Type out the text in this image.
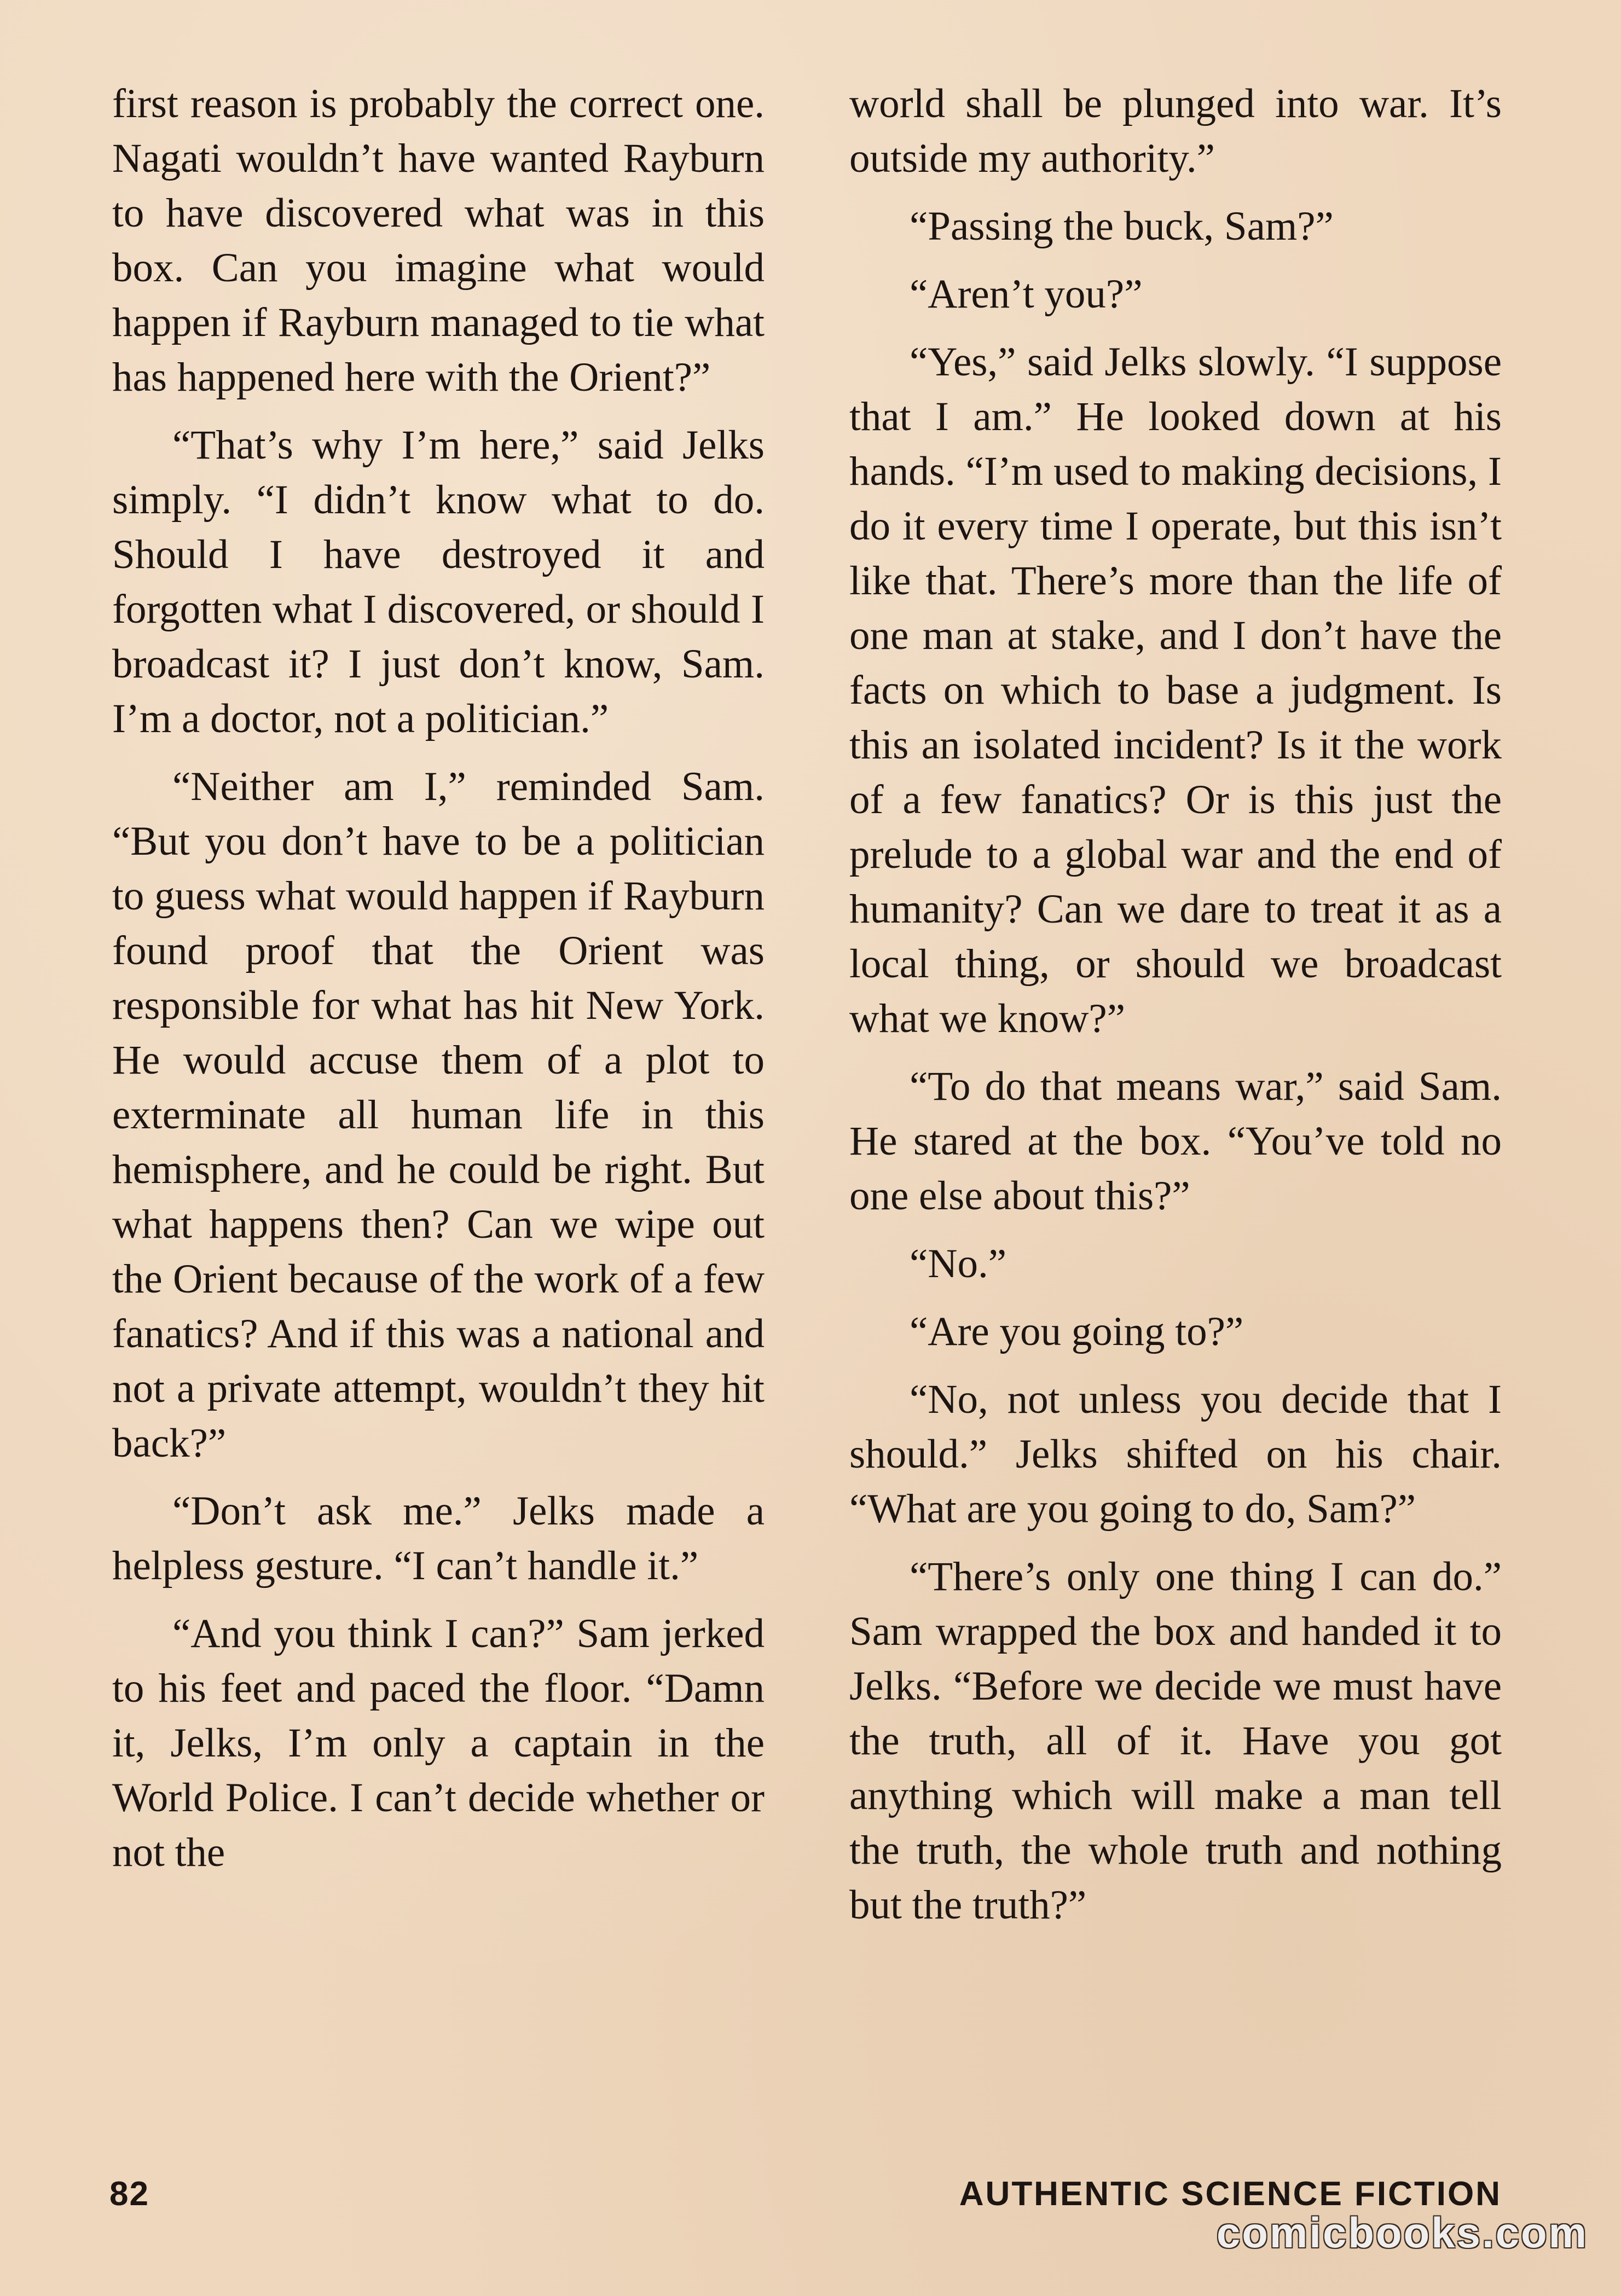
first reason is probably the correct one. Nagati wouldn’t have wanted Rayburn to have discovered what was in this box. Can you imagine what would happen if Rayburn managed to tie what has happened here with the Orient?”

“That’s why I’m here,” said Jelks simply. “I didn’t know what to do. Should I have destroyed it and forgotten what I discovered, or should I broadcast it? I just don’t know, Sam. I’m a doctor, not a politician.”

“Neither am I,” reminded Sam. “But you don’t have to be a politician to guess what would happen if Rayburn found proof that the Orient was responsible for what has hit New York. He would accuse them of a plot to exterminate all human life in this hemisphere, and he could be right. But what happens then? Can we wipe out the Orient because of the work of a few fanatics? And if this was a national and not a private attempt, wouldn’t they hit back?”

“Don’t ask me.” Jelks made a helpless gesture. “I can’t handle it.”

“And you think I can?” Sam jerked to his feet and paced the floor. “Damn it, Jelks, I’m only a captain in the World Police. I can’t decide whether or not the

world shall be plunged into war. It’s outside my authority.”

“Passing the buck, Sam?”

“Aren’t you?”

“Yes,” said Jelks slowly. “I suppose that I am.” He looked down at his hands. “I’m used to making decisions, I do it every time I operate, but this isn’t like that. There’s more than the life of one man at stake, and I don’t have the facts on which to base a judgment. Is this an isolated incident? Is it the work of a few fanatics? Or is this just the prelude to a global war and the end of humanity? Can we dare to treat it as a local thing, or should we broadcast what we know?”

“To do that means war,” said Sam. He stared at the box. “You’ve told no one else about this?”

“No.”

“Are you going to?”

“No, not unless you decide that I should.” Jelks shifted on his chair. “What are you going to do, Sam?”

“There’s only one thing I can do.” Sam wrapped the box and handed it to Jelks. “Before we decide we must have the truth, all of it. Have you got anything which will make a man tell the truth, the whole truth and nothing but the truth?”

82	AUTHENTIC SCIENCE FICTION
comicbooks.com
